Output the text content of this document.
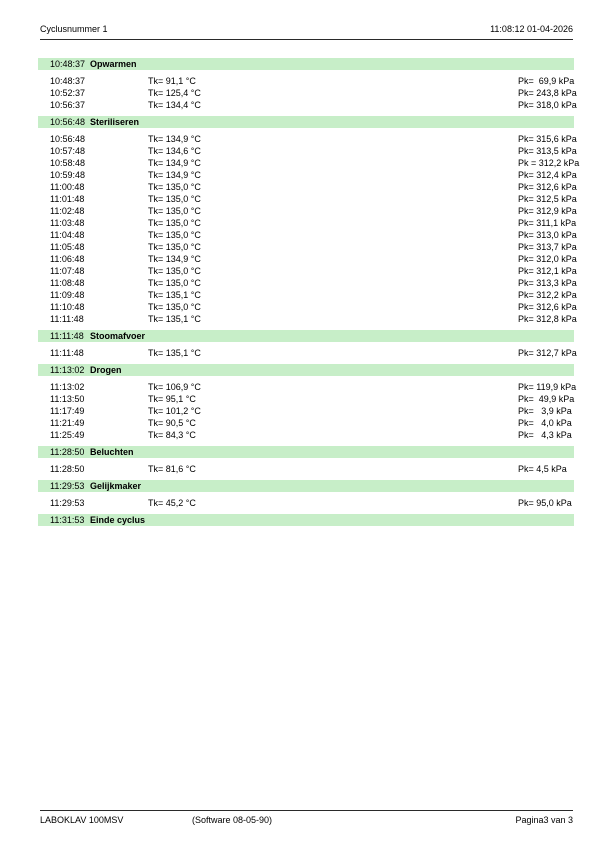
Cyclusnummer 1	11:08:12 01-04-2026
10:48:37 Opwarmen
10:48:37	Tk= 91,1 °C	Pk=  69,9 kPa
10:52:37	Tk= 125,4 °C	Pk= 243,8 kPa
10:56:37	Tk= 134,4 °C	Pk= 318,0 kPa
10:56:48 Steriliseren
10:56:48	Tk= 134,9 °C	Pk= 315,6 kPa
10:57:48	Tk= 134,6 °C	Pk= 313,5 kPa
10:58:48	Tk= 134,9 °C	Pk = 312,2 kPa
10:59:48	Tk= 134,9 °C	Pk= 312,4 kPa
11:00:48	Tk= 135,0 °C	Pk= 312,6 kPa
11:01:48	Tk= 135,0 °C	Pk= 312,5 kPa
11:02:48	Tk= 135,0 °C	Pk= 312,9 kPa
11:03:48	Tk= 135,0 °C	Pk= 311,1 kPa
11:04:48	Tk= 135,0 °C	Pk= 313,0 kPa
11:05:48	Tk= 135,0 °C	Pk= 313,7 kPa
11:06:48	Tk= 134,9 °C	Pk= 312,0 kPa
11:07:48	Tk= 135,0 °C	Pk= 312,1 kPa
11:08:48	Tk= 135,0 °C	Pk= 313,3 kPa
11:09:48	Tk= 135,1 °C	Pk= 312,2 kPa
11:10:48	Tk= 135,0 °C	Pk= 312,6 kPa
11:11:48	Tk= 135,1 °C	Pk= 312,8 kPa
11:11:48 Stoomafvoer
11:11:48	Tk= 135,1 °C	Pk= 312,7 kPa
11:13:02 Drogen
11:13:02	Tk= 106,9 °C	Pk= 119,9 kPa
11:13:50	Tk= 95,1 °C	Pk=  49,9 kPa
11:17:49	Tk= 101,2 °C	Pk=   3,9 kPa
11:21:49	Tk= 90,5 °C	Pk=   4,0 kPa
11:25:49	Tk= 84,3 °C	Pk=   4,3 kPa
11:28:50 Beluchten
11:28:50	Tk= 81,6 °C	Pk= 4,5 kPa
11:29:53 Gelijkmaker
11:29:53	Tk= 45,2 °C	Pk= 95,0 kPa
11:31:53 Einde cyclus
LABOKLAV 100MSV	(Software 08-05-90)	Pagina3 van 3
